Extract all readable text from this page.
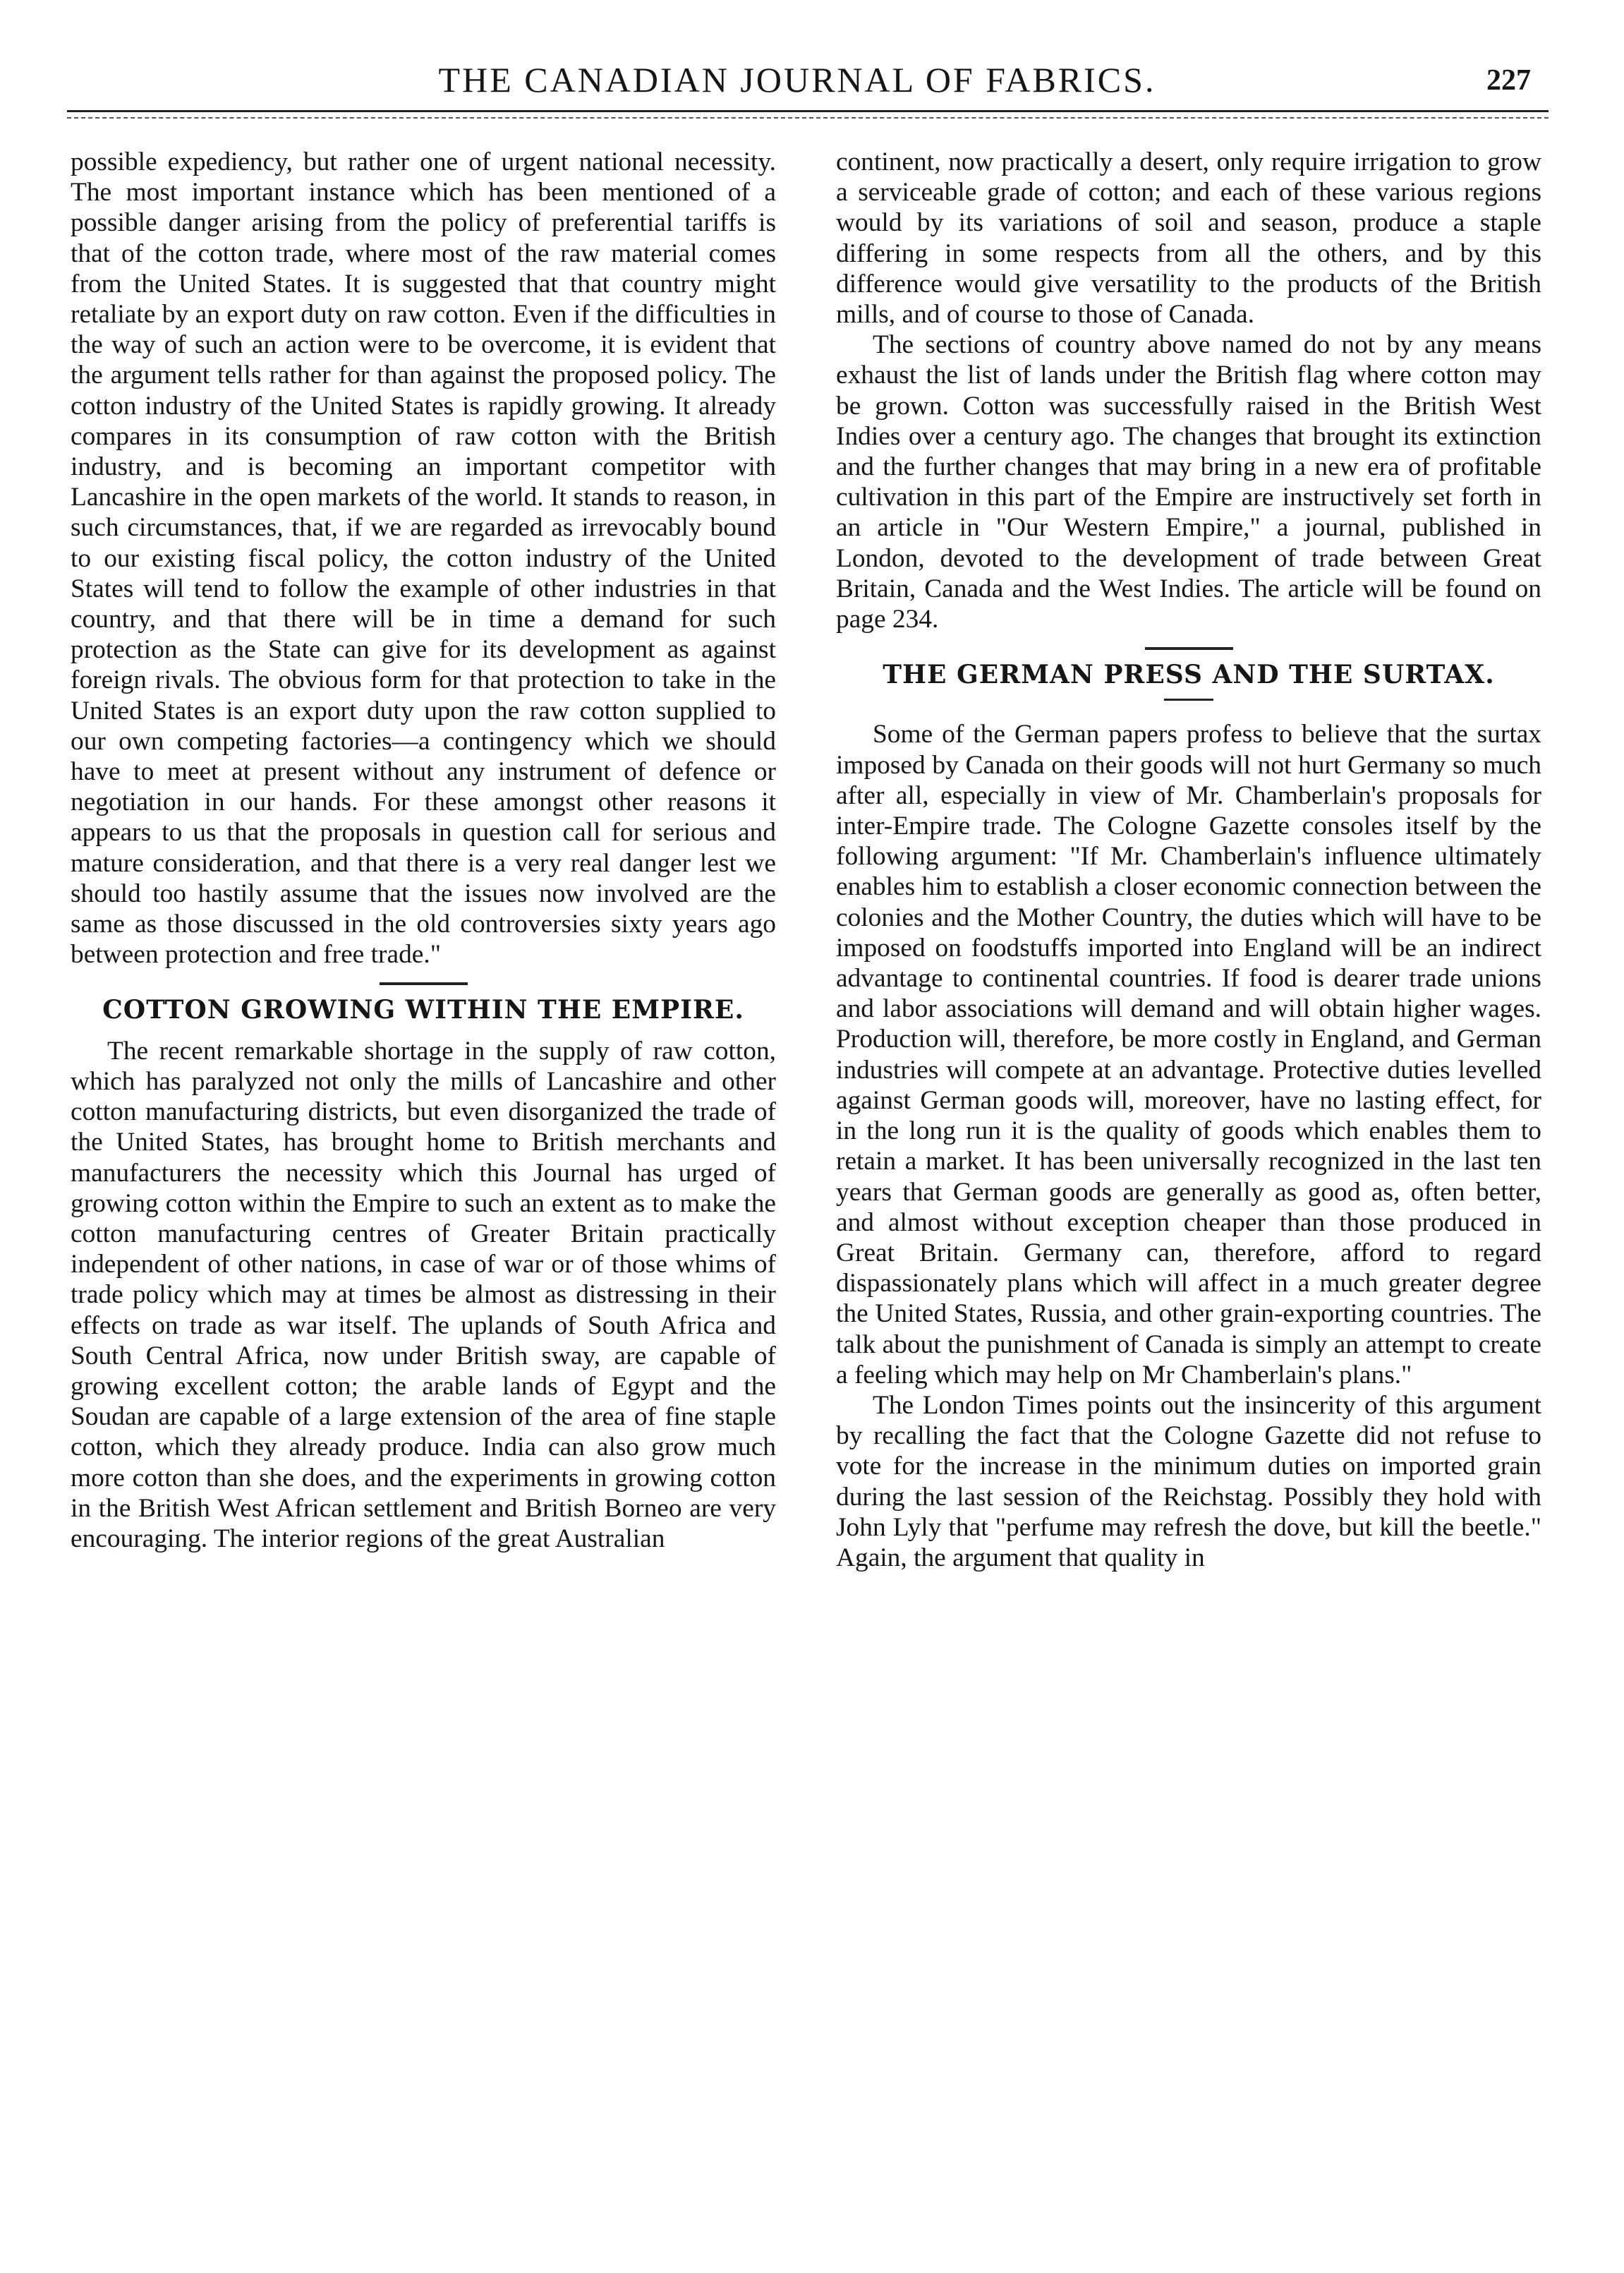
THE CANADIAN JOURNAL OF FABRICS.	227

possible expediency, but rather one of urgent national necessity. The most important instance which has been mentioned of a possible danger arising from the policy of preferential tariffs is that of the cotton trade, where most of the raw material comes from the United States. It is suggested that that country might retaliate by an export duty on raw cotton. Even if the difficulties in the way of such an action were to be overcome, it is evident that the argument tells rather for than against the proposed policy. The cotton industry of the United States is rapidly growing. It already compares in its consumption of raw cotton with the British industry, and is becoming an important competitor with Lancashire in the open markets of the world. It stands to reason, in such circumstances, that, if we are regarded as irrevocably bound to our existing fiscal policy, the cotton industry of the United States will tend to follow the example of other industries in that country, and that there will be in time a demand for such protection as the State can give for its development as against foreign rivals. The obvious form for that protection to take in the United States is an export duty upon the raw cotton supplied to our own competing factories—a contingency which we should have to meet at present without any instrument of defence or negotiation in our hands. For these amongst other reasons it appears to us that the proposals in question call for serious and mature consideration, and that there is a very real danger lest we should too hastily assume that the issues now involved are the same as those discussed in the old controversies sixty years ago between protection and free trade."

COTTON GROWING WITHIN THE EMPIRE.

The recent remarkable shortage in the supply of raw cotton, which has paralyzed not only the mills of Lancashire and other cotton manufacturing districts, but even disorganized the trade of the United States, has brought home to British merchants and manufacturers the necessity which this Journal has urged of growing cotton within the Empire to such an extent as to make the cotton manufacturing centres of Greater Britain practically independent of other nations, in case of war or of those whims of trade policy which may at times be almost as distressing in their effects on trade as war itself. The uplands of South Africa and South Central Africa, now under British sway, are capable of growing excellent cotton; the arable lands of Egypt and the Soudan are capable of a large extension of the area of fine staple cotton, which they already produce. India can also grow much more cotton than she does, and the experiments in growing cotton in the British West African settlement and British Borneo are very encouraging. The interior regions of the great Australian

continent, now practically a desert, only require irrigation to grow a serviceable grade of cotton; and each of these various regions would by its variations of soil and season, produce a staple differing in some respects from all the others, and by this difference would give versatility to the products of the British mills, and of course to those of Canada.

The sections of country above named do not by any means exhaust the list of lands under the British flag where cotton may be grown. Cotton was successfully raised in the British West Indies over a century ago. The changes that brought its extinction and the further changes that may bring in a new era of profitable cultivation in this part of the Empire are instructively set forth in an article in "Our Western Empire," a journal, published in London, devoted to the development of trade between Great Britain, Canada and the West Indies. The article will be found on page 234.

THE GERMAN PRESS AND THE SURTAX.

Some of the German papers profess to believe that the surtax imposed by Canada on their goods will not hurt Germany so much after all, especially in view of Mr. Chamberlain's proposals for inter-Empire trade. The Cologne Gazette consoles itself by the following argument: "If Mr. Chamberlain's influence ultimately enables him to establish a closer economic connection between the colonies and the Mother Country, the duties which will have to be imposed on foodstuffs imported into England will be an indirect advantage to continental countries. If food is dearer trade unions and labor associations will demand and will obtain higher wages. Production will, therefore, be more costly in England, and German industries will compete at an advantage. Protective duties levelled against German goods will, moreover, have no lasting effect, for in the long run it is the quality of goods which enables them to retain a market. It has been universally recognized in the last ten years that German goods are generally as good as, often better, and almost without exception cheaper than those produced in Great Britain. Germany can, therefore, afford to regard dispassionately plans which will affect in a much greater degree the United States, Russia, and other grain-exporting countries. The talk about the punishment of Canada is simply an attempt to create a feeling which may help on Mr Chamberlain's plans."

The London Times points out the insincerity of this argument by recalling the fact that the Cologne Gazette did not refuse to vote for the increase in the minimum duties on imported grain during the last session of the Reichstag. Possibly they hold with John Lyly that "perfume may refresh the dove, but kill the beetle." Again, the argument that quality in
